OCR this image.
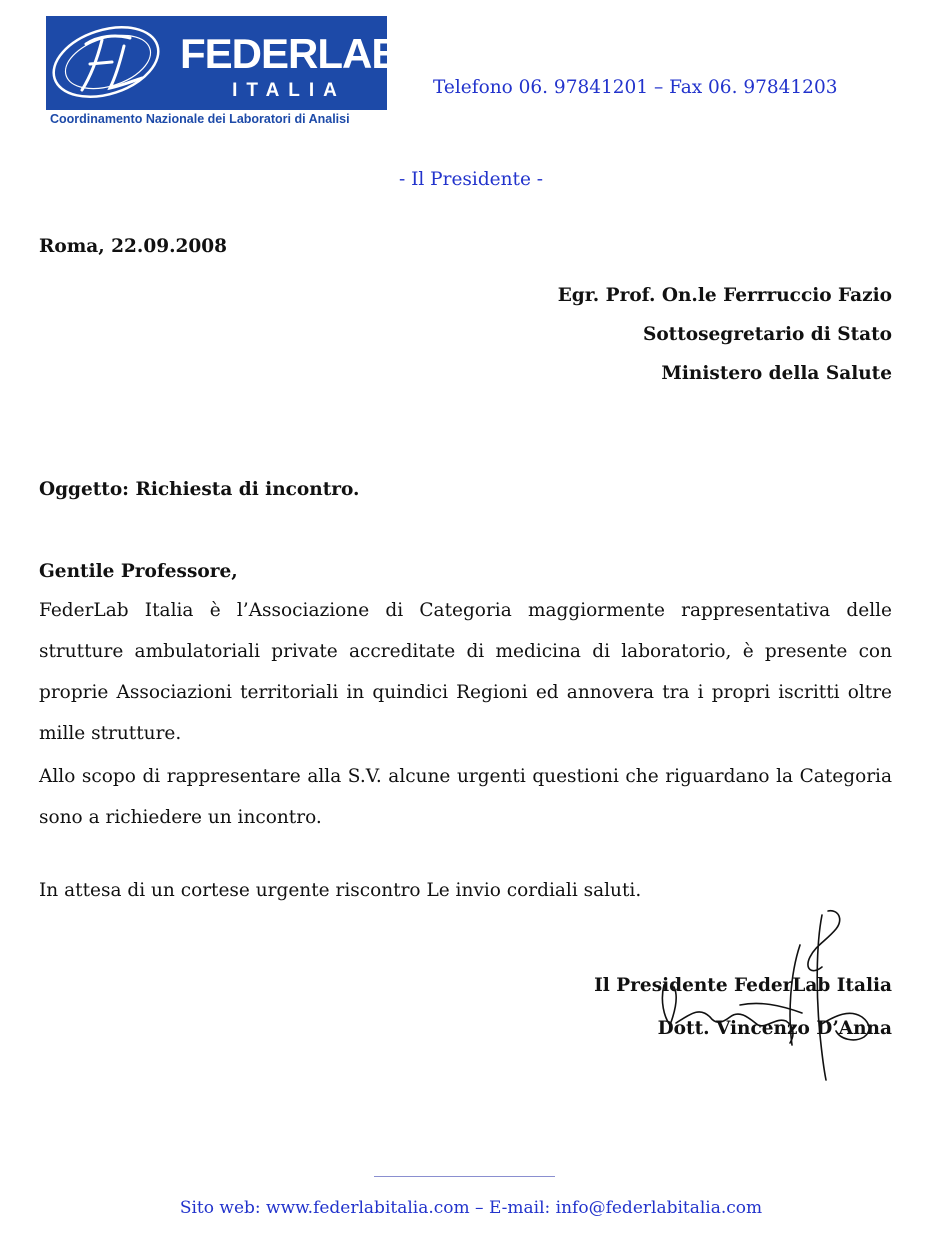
FEDERLAB
ITALIA
Coordinamento Nazionale dei Laboratori di Analisi
Telefono 06. 97841201 – Fax 06. 97841203
- Il Presidente -
Roma, 22.09.2008
Egr. Prof. On.le Ferrruccio Fazio
Sottosegretario di Stato
Ministero della Salute
Oggetto: Richiesta di incontro.
Gentile Professore,

FederLab Italia è l’Associazione di Categoria maggiormente rappresentativa delle strutture ambulatoriali private accreditate di medicina di laboratorio, è presente con proprie Associazioni territoriali in quindici Regioni ed annovera tra i propri iscritti oltre mille strutture.

Allo scopo di rappresentare alla S.V. alcune urgenti questioni che riguardano la Categoria sono a richiedere un incontro.

In attesa di un cortese urgente riscontro Le invio cordiali saluti.
Il Presidente FederLab Italia
Dott. Vincenzo D’Anna
Sito web: www.federlabitalia.com – E-mail: info@federlabitalia.com
